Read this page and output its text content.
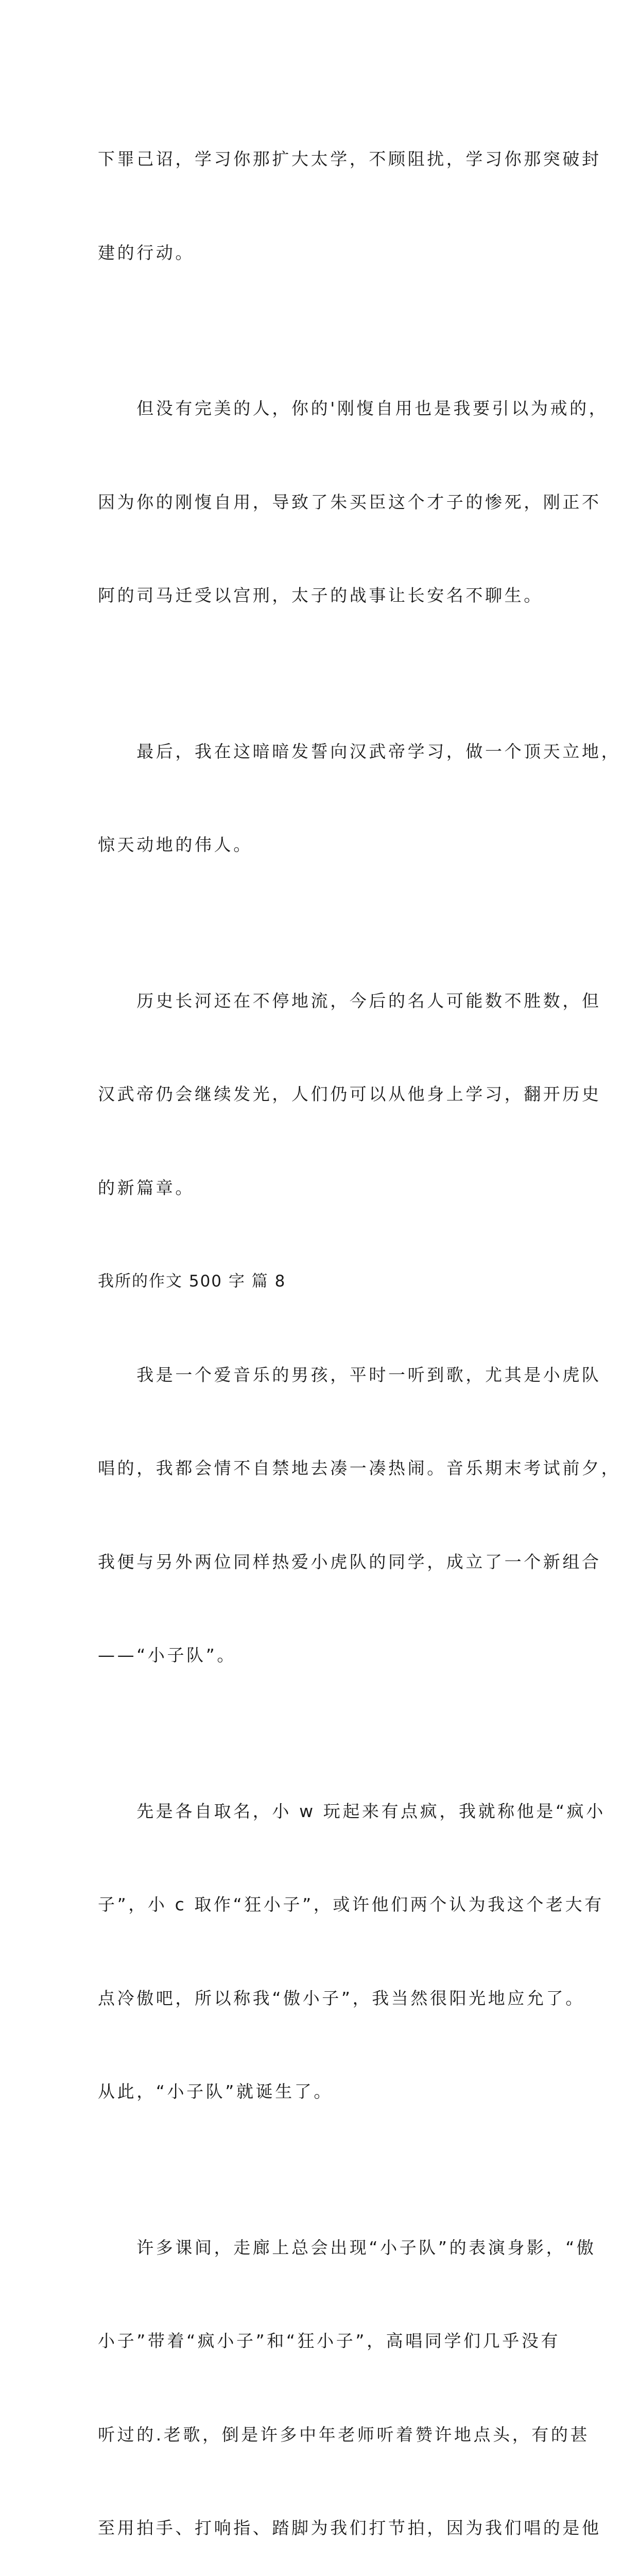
下罪己诏，学习你那扩大太学，不顾阻扰，学习你那突破封

建的行动。

　　但没有完美的人，你的'刚愎自用也是我要引以为戒的，

因为你的刚愎自用，导致了朱买臣这个才子的惨死，刚正不

阿的司马迁受以宫刑，太子的战事让长安名不聊生。

　　最后，我在这暗暗发誓向汉武帝学习，做一个顶天立地，

惊天动地的伟人。

　　历史长河还在不停地流，今后的名人可能数不胜数，但

汉武帝仍会继续发光，人们仍可以从他身上学习，翻开历史

的新篇章。

我所的作文 500 字 篇 8

　　我是一个爱音乐的男孩，平时一听到歌，尤其是小虎队

唱的，我都会情不自禁地去凑一凑热闹。音乐期末考试前夕，

我便与另外两位同样热爱小虎队的同学，成立了一个新组合

——“小子队”。

　　先是各自取名，小 w 玩起来有点疯，我就称他是“疯小

子”，小 c 取作“狂小子”，或许他们两个认为我这个老大有

点冷傲吧，所以称我“傲小子”，我当然很阳光地应允了。

从此，“小子队”就诞生了。

　　许多课间，走廊上总会出现“小子队”的表演身影，“傲

小子”带着“疯小子”和“狂小子”，高唱同学们几乎没有

听过的.老歌，倒是许多中年老师听着赞许地点头，有的甚

至用拍手、打响指、踏脚为我们打节拍，因为我们唱的是他
